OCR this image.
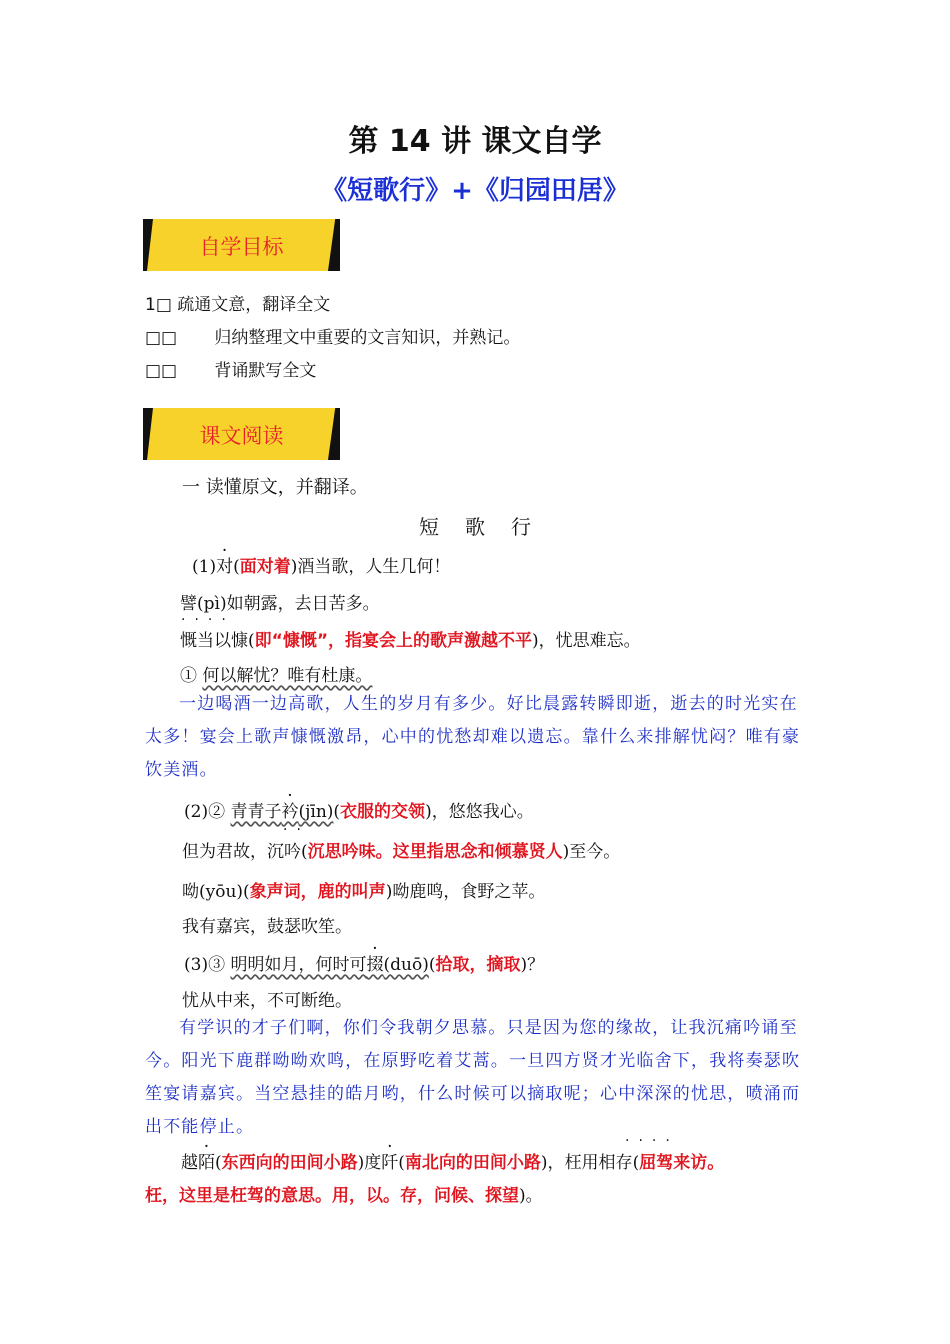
第 14 讲 课文自学
《短歌行》+《归园田居》
自学目标
1□ 疏通文意，翻译全文
□□ 归纳整理文中重要的文言知识，并熟记。
□□ 背诵默写全文
课文阅读
一 读懂原文，并翻译。
短歌行
(1)对(面对着)酒当歌，人生几何！
譬(pì)如朝露，去日苦多。
慨当以慷(即“慷慨”，指宴会上的歌声激越不平)，忧思难忘。
····
① 何以解忧？唯有杜康。
一边喝酒一边高歌，人生的岁月有多少。好比晨露转瞬即逝，逝去的时光实在太多！宴会上歌声慷慨激昂，心中的忧愁却难以遗忘。靠什么来排解忧闷？唯有豪饮美酒。
(2)② 青青子衿(jīn)(衣服的交领)，悠悠我心。
但为君故，沉吟(沉思吟味。这里指思念和倾慕贤人)至今。
··
呦(yōu)(象声词，鹿的叫声)呦鹿鸣，食野之苹。
我有嘉宾，鼓瑟吹笙。
(3)③ 明明如月，何时可掇(duō)(拾取，摘取)？
忧从中来，不可断绝。
有学识的才子们啊，你们令我朝夕思慕。只是因为您的缘故，让我沉痛吟诵至今。阳光下鹿群呦呦欢鸣，在原野吃着艾蒿。一旦四方贤才光临舍下，我将奏瑟吹笙宴请嘉宾。当空悬挂的皓月哟，什么时候可以摘取呢；心中深深的忧思，喷涌而出不能停止。
越陌(东西向的田间小路)度阡(南北向的田间小路)，枉用相存(屈驾来访。
枉，这里是枉驾的意思。用，以。存，问候、探望)。
····
